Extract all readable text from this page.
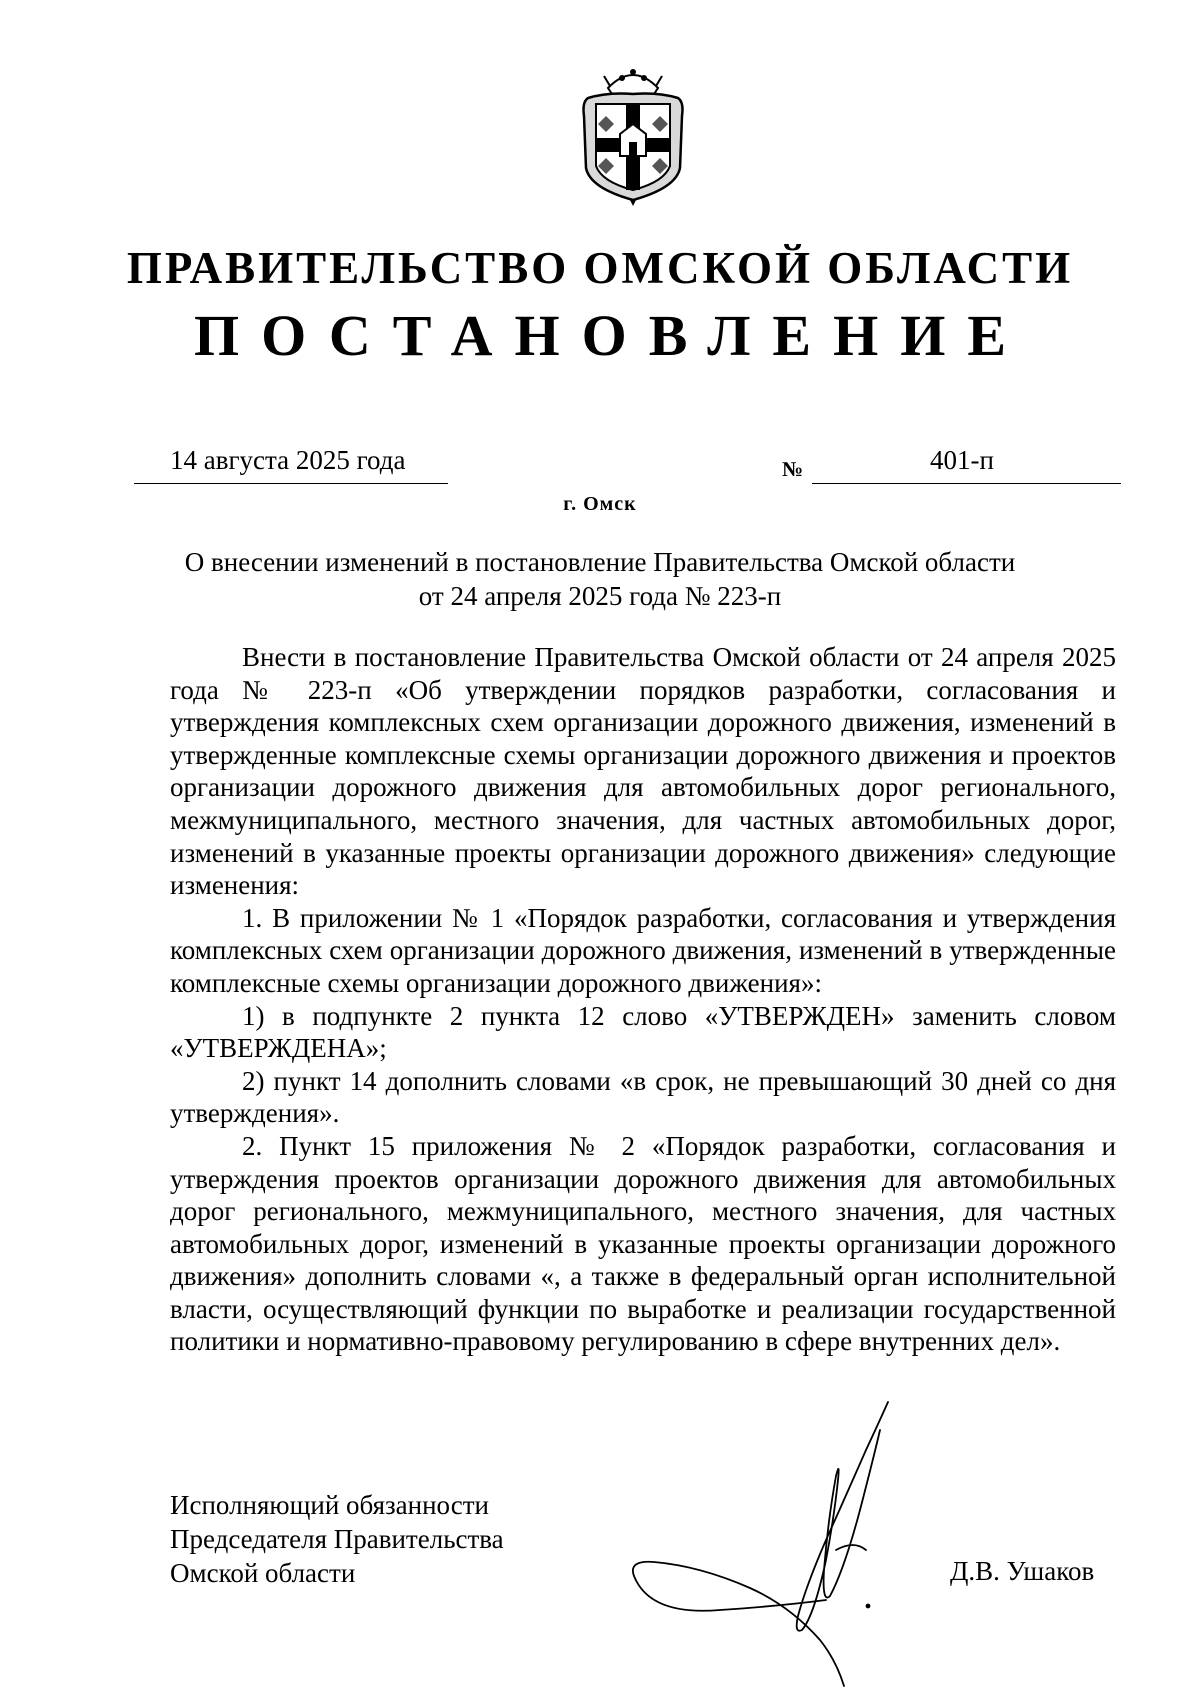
ПРАВИТЕЛЬСТВО ОМСКОЙ ОБЛАСТИ
ПОСТАНОВЛЕНИЕ
14 августа 2025 года	№	401-п
г. Омск
О внесении изменений в постановление Правительства Омской области
от 24 апреля 2025 года № 223-п

Внести в постановление Правительства Омской области от 24 апреля 2025 года № 223-п «Об утверждении порядков разработки, согласования и утверждения комплексных схем организации дорожного движения, изменений в утвержденные комплексные схемы организации дорожного движения и проектов организации дорожного движения для автомобильных дорог регионального, межмуниципального, местного значения, для частных автомобильных дорог, изменений в указанные проекты организации дорожного движения» следующие изменения:

1. В приложении № 1 «Порядок разработки, согласования и утверждения комплексных схем организации дорожного движения, изменений в утвержденные комплексные схемы организации дорожного движения»:

1) в подпункте 2 пункта 12 слово «УТВЕРЖДЕН» заменить словом «УТВЕРЖДЕНА»;

2) пункт 14 дополнить словами «в срок, не превышающий 30 дней со дня утверждения».

2. Пункт 15 приложения № 2 «Порядок разработки, согласования и утверждения проектов организации дорожного движения для автомобильных дорог регионального, межмуниципального, местного значения, для частных автомобильных дорог, изменений в указанные проекты организации дорожного движения» дополнить словами «, а также в федеральный орган исполнительной власти, осуществляющий функции по выработке и реализации государственной политики и нормативно-правовому регулированию в сфере внутренних дел».

Исполняющий обязанности
Председателя Правительства
Омской области	Д.В. Ушаков
